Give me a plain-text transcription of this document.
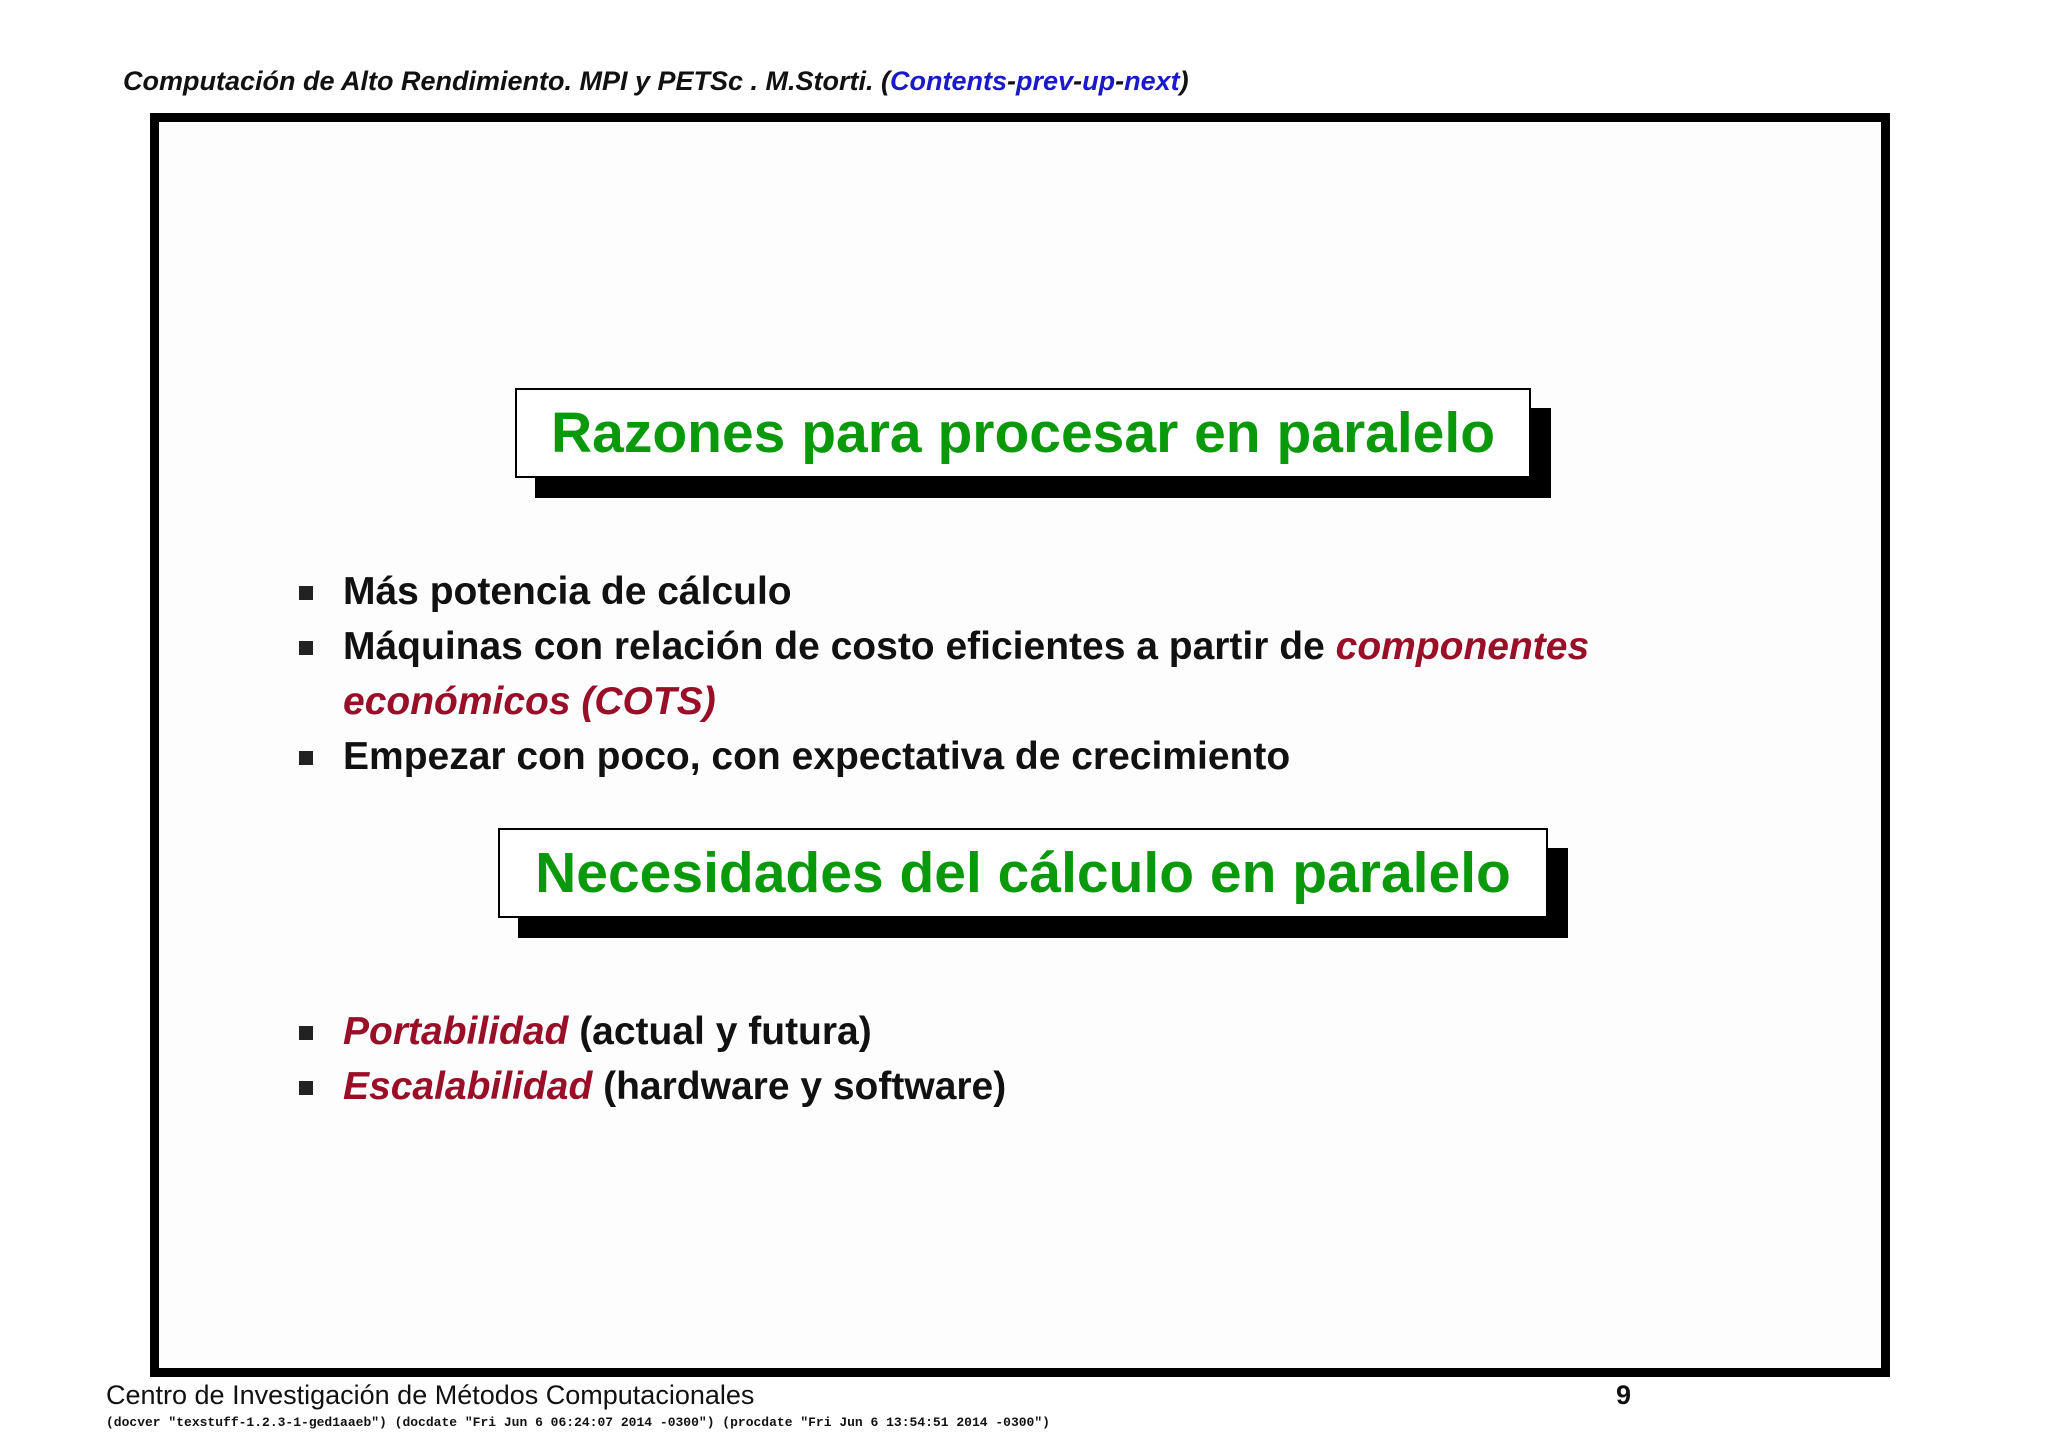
Computación de Alto Rendimiento. MPI y PETSc . M.Storti. (Contents-prev-up-next)
Razones para procesar en paralelo
Más potencia de cálculo
Máquinas con relación de costo eficientes a partir de componentes económicos (COTS)
Empezar con poco, con expectativa de crecimiento
Necesidades del cálculo en paralelo
Portabilidad (actual y futura)
Escalabilidad (hardware y software)
Centro de Investigación de Métodos Computacionales	9
(docver "texstuff-1.2.3-1-ged1aaeb") (docdate "Fri Jun 6 06:24:07 2014 -0300") (procdate "Fri Jun 6 13:54:51 2014 -0300")
